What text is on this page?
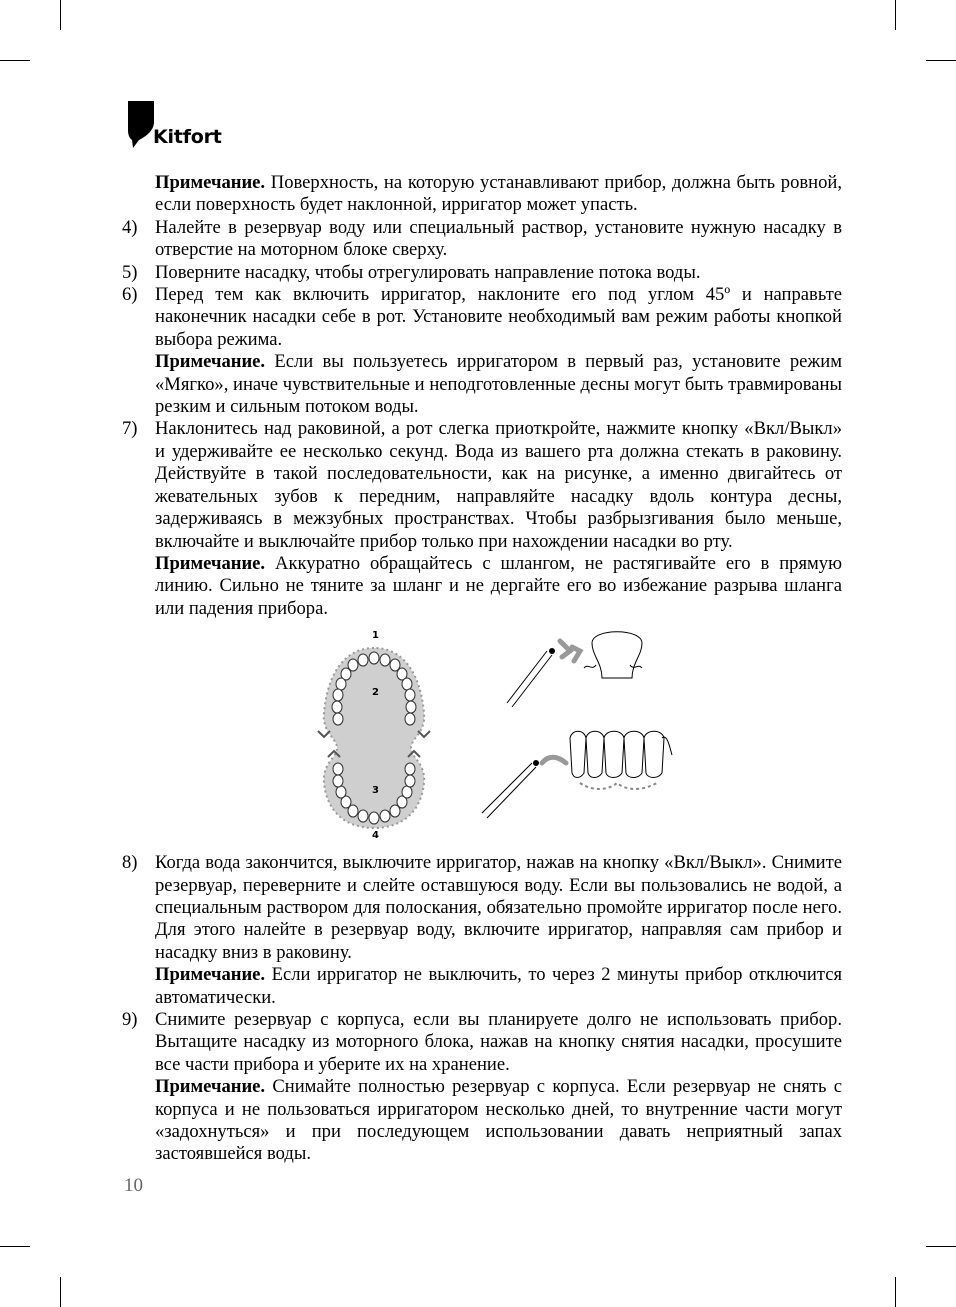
Kitfort

Примечание. Поверхность, на которую устанавливают прибор, должна быть ровной, если поверхность будет наклонной, ирригатор может упасть.

4) Налейте в резервуар воду или специальный раствор, установите нужную насадку в отверстие на моторном блоке сверху.

5) Поверните насадку, чтобы отрегулировать направление потока воды.

6) Перед тем как включить ирригатор, наклоните его под углом 45º и направьте наконечник насадки себе в рот. Установите необходимый вам режим работы кнопкой выбора режима.

Примечание. Если вы пользуетесь ирригатором в первый раз, установите режим «Мягко», иначе чувствительные и неподготовленные десны могут быть травмированы резким и сильным потоком воды.

7) Наклонитесь над раковиной, а рот слегка приоткройте, нажмите кнопку «Вкл/Выкл» и удерживайте ее несколько секунд. Вода из вашего рта должна стекать в раковину. Действуйте в такой последовательности, как на рисунке, а именно двигайтесь от жевательных зубов к передним, направляйте насадку вдоль контура десны, задерживаясь в межзубных пространствах. Чтобы разбрызгивания было меньше, включайте и выключайте прибор только при нахождении насадки во рту.

Примечание. Аккуратно обращайтесь с шлангом, не растягивайте его в прямую линию. Сильно не тяните за шланг и не дергайте его во избежание разрыва шланга или падения прибора.

1
2
3
4
8) Когда вода закончится, выключите ирригатор, нажав на кнопку «Вкл/Выкл». Снимите резервуар, переверните и слейте оставшуюся воду. Если вы пользовались не водой, а специальным раствором для полоскания, обязательно промойте ирригатор после него. Для этого налейте в резервуар воду, включите ирригатор, направляя сам прибор и насадку вниз в раковину.

Примечание. Если ирригатор не выключить, то через 2 минуты прибор отключится автоматически.

9) Снимите резервуар с корпуса, если вы планируете долго не использовать прибор. Вытащите насадку из моторного блока, нажав на кнопку снятия насадки, просушите все части прибора и уберите их на хранение.

Примечание. Снимайте полностью резервуар с корпуса. Если резервуар не снять с корпуса и не пользоваться ирригатором несколько дней, то внутренние части могут «задохнуться» и при последующем использовании давать неприятный запах застоявшейся воды.

10
